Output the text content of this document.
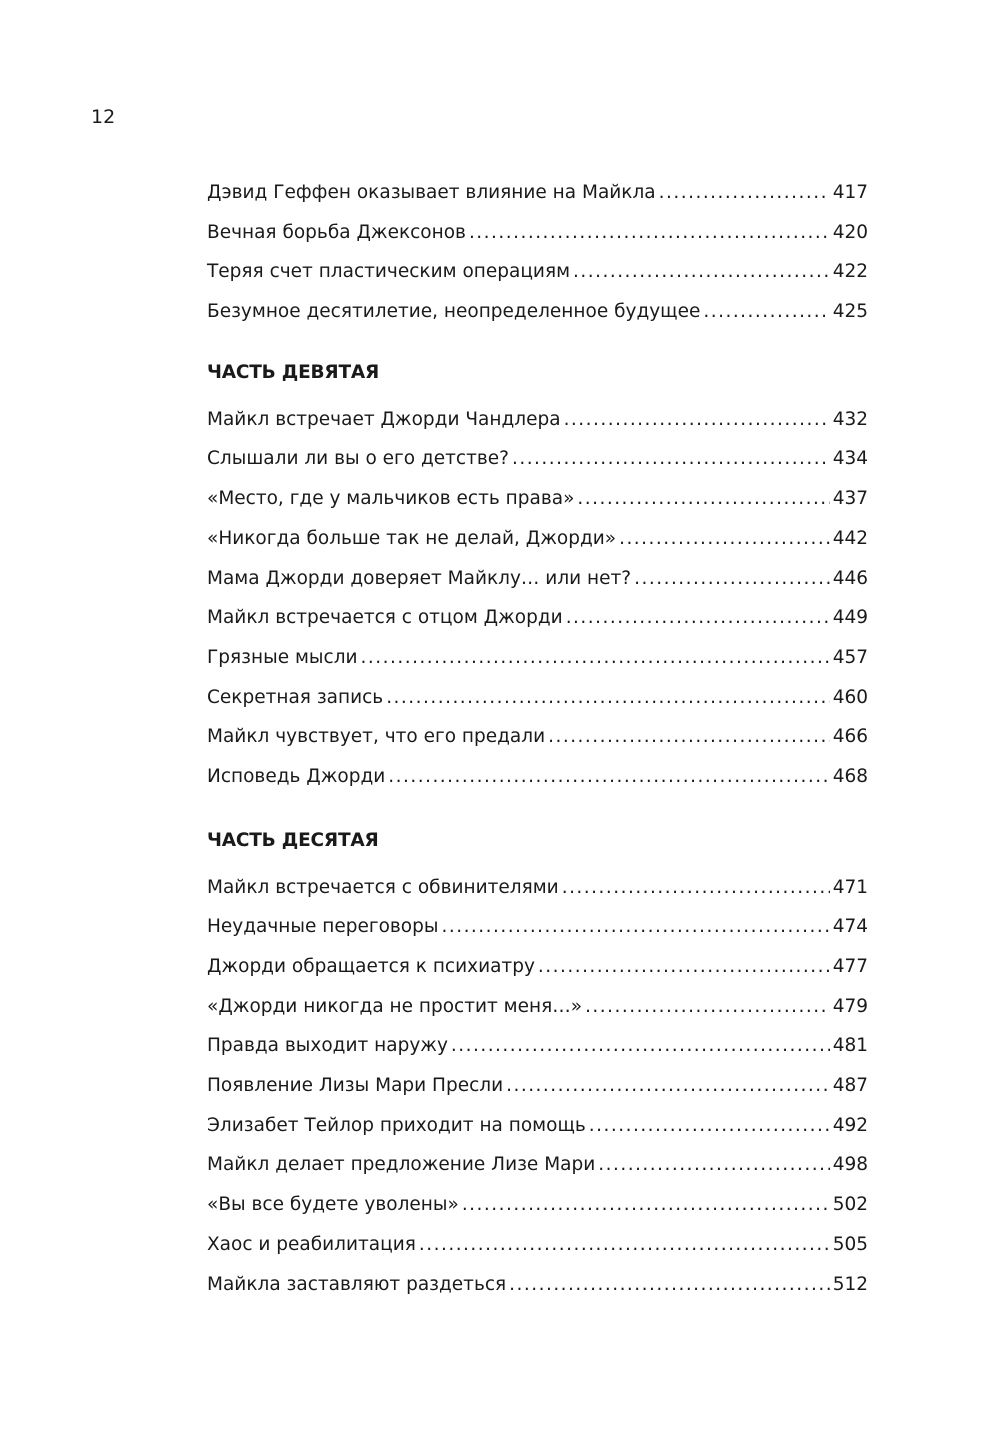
12
Дэвид Геффен оказывает влияние на Майкла . . .	417
Вечная борьба Джексонов . . .	420
Теряя счет пластическим операциям . . .	422
Безумное десятилетие, неопределенное будущее . . .	425
ЧАСТЬ ДЕВЯТАЯ
Майкл встречает Джорди Чандлера . . .	432
Слышали ли вы о его детстве? . . .	434
«Место, где у мальчиков есть права» . . .	437
«Никогда больше так не делай, Джорди» . . .	442
Мама Джорди доверяет Майклу… или нет? . . .	446
Майкл встречается с отцом Джорди . . .	449
Грязные мысли . . .	457
Секретная запись . . .	460
Майкл чувствует, что его предали . . .	466
Исповедь Джорди . . .	468
ЧАСТЬ ДЕСЯТАЯ
Майкл встречается с обвинителями . . .	471
Неудачные переговоры . . .	474
Джорди обращается к психиатру . . .	477
«Джорди никогда не простит меня…» . . .	479
Правда выходит наружу . . .	481
Появление Лизы Мари Пресли . . .	487
Элизабет Тейлор приходит на помощь . . .	492
Майкл делает предложение Лизе Мари . . .	498
«Вы все будете уволены» . . .	502
Хаос и реабилитация . . .	505
Майкла заставляют раздеться . . .	512
